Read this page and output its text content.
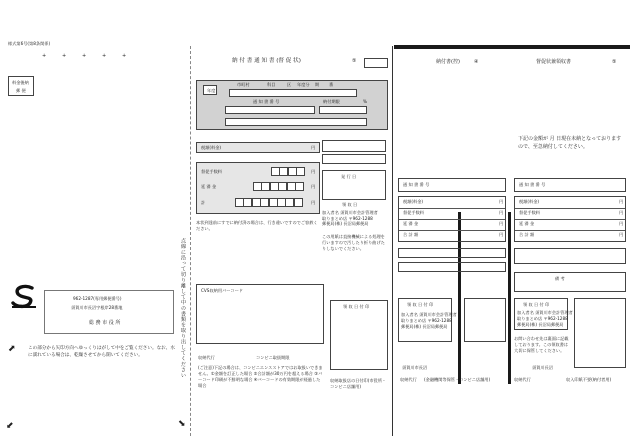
様式第6号(第8条関係)
+	+	+	+	+
料金後納
郵 便
962-1287(専用郵便番号)
須賀川市長沼字根岸28番地
総 務 市 役 所
この部分から矢印方向へゆっくりはがして中をご覧ください。なお、水に濡れている場合は、乾燥させてから開いてください。
⬈
⬋	⬊
点線に沿って切り離して中の書類を取り出してください
納 付 書 通 知 書 (督 促 状)	⑤
年度
市町村	科目	区 年度分 期 番
通 知 書 番 号	納付期限	%
税額(料金)	円
督促手数料	円
延 滞 金	円
計	円
発 行 日
領 収 日
本状到達前にすでに納付済の場合は、行き違いですのでご容赦ください。
加入者名 須賀川市会計管理者
取りまとめ店 〒962-1288
郵便局(株) 長沼局郵便局
この用紙は直接機械による処理を行いますので汚したり折り曲げたりしないでください。
CVS収納用バーコード
収納代行	コンビニ取扱期限
(ご注意)下記の場合は、コンビニエンスストアではお取扱いできません。①金額を訂正した場合 ②合計額が30万円を超える場合 ③バーコード印刷が不鮮明な場合 ④バーコードの有効期限が経過した場合
領 収 日 付 印
収納取扱店の日付印(市役所・コンビニ店舗用)
納付書(控)	④	督促状兼領収書	⑤
下記の金額が 月 日現在未納となっておりますので、至急納付してください。
通 知 書 番 号
税額(料金)	円
督促手数料	円
延 滞 金	円
合 計 額	円
領 収 日 付 印
加入者名 須賀川市会計管理者
取りまとめ店 〒962-1288
郵便局(株) 長沼局郵便局
須賀川市長沼
収納代行 (金融機関等保管・コンビニ店舗用)
通 知 書 番 号
税額(料金)	円
督促手数料	円
延 滞 金	円
合 計 額	円
備 考
領 収 日 付 印
加入者名 須賀川市会計管理者
取りまとめ店 〒962-1288
郵便局(株) 長沼局郵便局
お問い合わせ先は裏面に記載しております。この領収書は大切に保管してください。
須賀川長沼
収納代行	収入印紙不要(納付者用)
